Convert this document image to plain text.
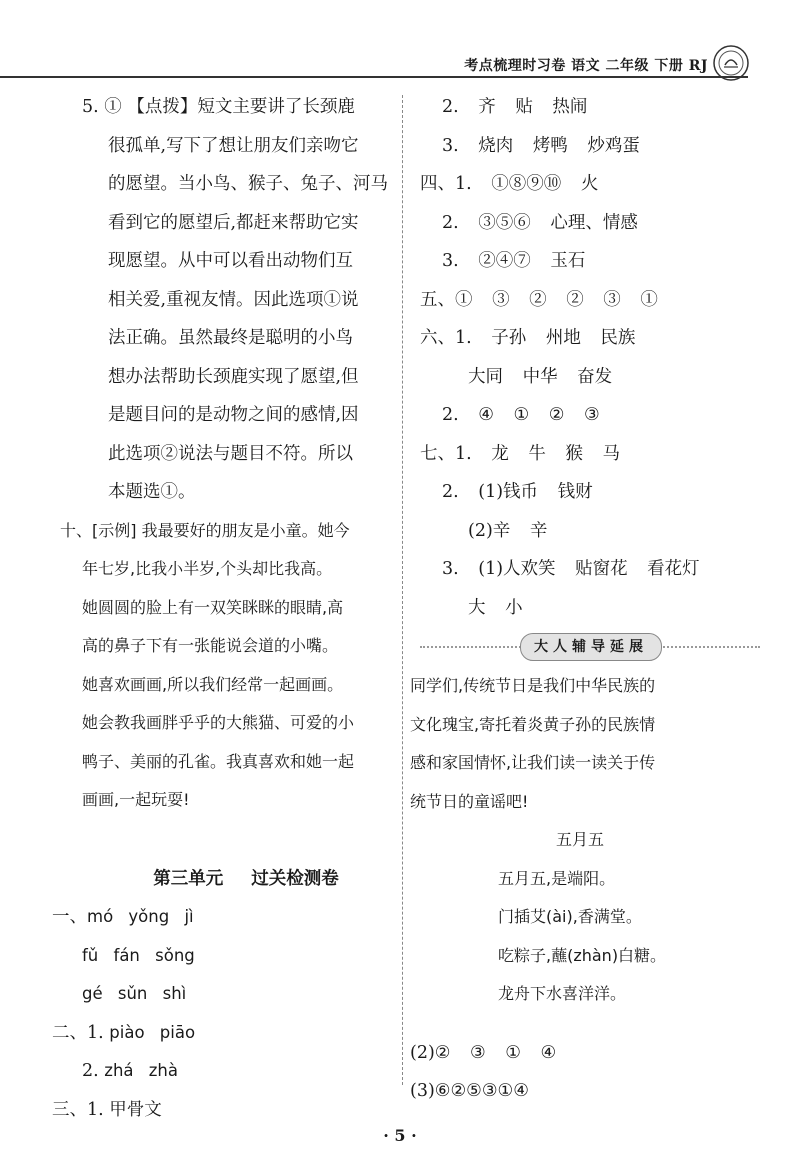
考点梳理时习卷 语文 二年级 下册 RJ
5. ① 【点拨】短文主要讲了长颈鹿
很孤单,写下了想让朋友们亲吻它
的愿望。当小鸟、猴子、兔子、河马
看到它的愿望后,都赶来帮助它实
现愿望。从中可以看出动物们互
相关爱,重视友情。因此选项①说
法正确。虽然最终是聪明的小鸟
想办法帮助长颈鹿实现了愿望,但
是题目问的是动物之间的感情,因
此选项②说法与题目不符。所以
本题选①。
十、[示例] 我最要好的朋友是小童。她今
年七岁,比我小半岁,个头却比我高。
她圆圆的脸上有一双笑眯眯的眼睛,高
高的鼻子下有一张能说会道的小嘴。
她喜欢画画,所以我们经常一起画画。
她会教我画胖乎乎的大熊猫、可爱的小
鸭子、美丽的孔雀。我真喜欢和她一起
画画,一起玩耍!
第三单元 过关检测卷
一、mó yǒng jì
fǔ fán sǒng
gé sǔn shì
二、1. piào piāo
2. zhá zhà
三、1. 甲骨文
2. 齐 贴 热闹
3. 烧肉 烤鸭 炒鸡蛋
四、1. ①⑧⑨⑩ 火
2. ③⑤⑥ 心理、情感
3. ②④⑦ 玉石
五、① ③ ② ② ③ ①
六、1. 子孙 州地 民族
大同 中华 奋发
2. ④ ① ② ③
七、1. 龙 牛 猴 马
2. (1)钱币 钱财
(2)辛 辛
3. (1)人欢笑 贴窗花 看花灯
大 小
大人辅导延展
同学们,传统节日是我们中华民族的
文化瑰宝,寄托着炎黄子孙的民族情
感和家国情怀,让我们读一读关于传
统节日的童谣吧!
五月五
五月五,是端阳。
门插艾(ài),香满堂。
吃粽子,蘸(zhàn)白糖。
龙舟下水喜洋洋。
(2)② ③ ① ④
(3)⑥②⑤③①④
· 5 ·
